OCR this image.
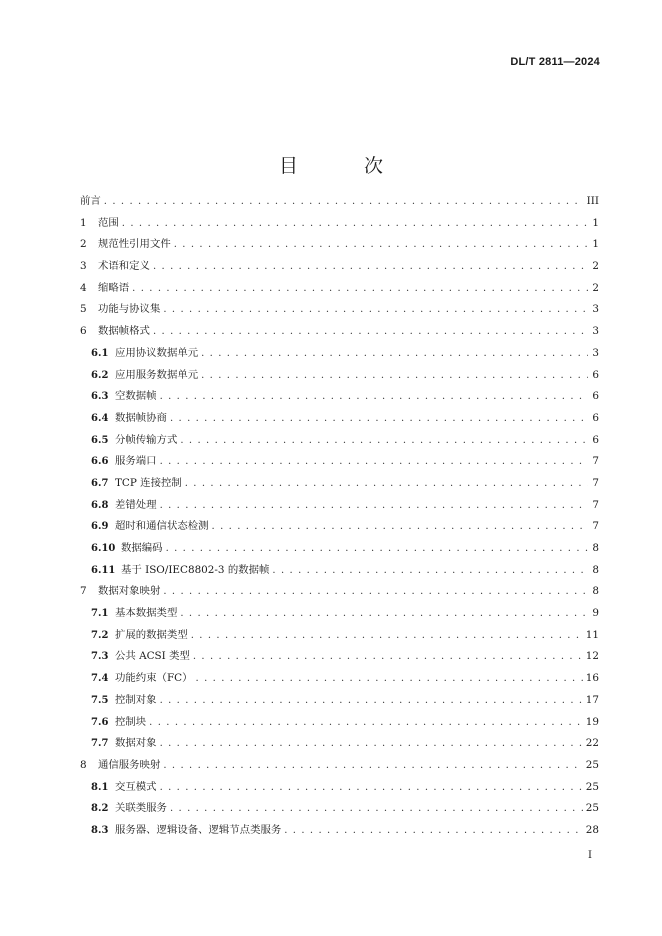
DL/T 2811—2024
目 次
前言 . . .	III
1	范围 . . .	1
2	规范性引用文件 . . .	1
3	术语和定义 . . .	2
4	缩略语 . . .	2
5	功能与协议集 . . .	3
6	数据帧格式 . . .	3
6.1 应用协议数据单元 . . .	3
6.2 应用服务数据单元 . . .	6
6.3 空数据帧 . . .	6
6.4 数据帧协商 . . .	6
6.5 分帧传输方式 . . .	6
6.6 服务端口 . . .	7
6.7 TCP 连接控制 . . .	7
6.8 差错处理 . . .	7
6.9 超时和通信状态检测 . . .	7
6.10 数据编码 . . .	8
6.11 基于 ISO/IEC8802-3 的数据帧 . . .	8
7	数据对象映射 . . .	8
7.1 基本数据类型 . . .	9
7.2 扩展的数据类型 . . .	11
7.3 公共 ACSI 类型 . . .	12
7.4 功能约束（FC） . . .	16
7.5 控制对象 . . .	17
7.6 控制块 . . .	19
7.7 数据对象 . . .	22
8	通信服务映射 . . .	25
8.1 交互模式 . . .	25
8.2 关联类服务 . . .	25
8.3 服务器、逻辑设备、逻辑节点类服务 . . .	28
I
